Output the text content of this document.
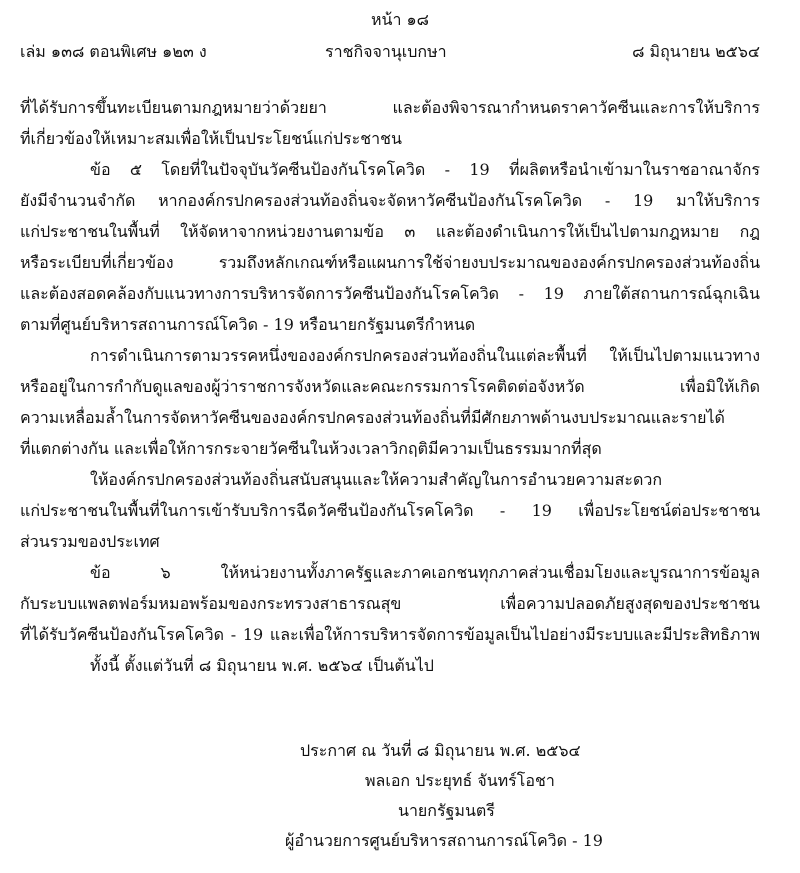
หน้า ๑๘
เล่ม ๑๓๘ ตอนพิเศษ ๑๒๓ ง	ราชกิจจานุเบกษา	๘ มิถุนายน ๒๕๖๔
ที่ได้รับการขึ้นทะเบียนตามกฎหมายว่าด้วยยา และต้องพิจารณากำหนดราคาวัคซีนและการให้บริการ
ที่เกี่ยวข้องให้เหมาะสมเพื่อให้เป็นประโยชน์แก่ประชาชน
ข้อ ๕ โดยที่ในปัจจุบันวัคซีนป้องกันโรคโควิด - 19 ที่ผลิตหรือนำเข้ามาในราชอาณาจักร
ยังมีจำนวนจำกัด หากองค์กรปกครองส่วนท้องถิ่นจะจัดหาวัคซีนป้องกันโรคโควิด - 19 มาให้บริการ
แก่ประชาชนในพื้นที่ ให้จัดหาจากหน่วยงานตามข้อ ๓ และต้องดำเนินการให้เป็นไปตามกฎหมาย กฎ
หรือระเบียบที่เกี่ยวข้อง รวมถึงหลักเกณฑ์หรือแผนการใช้จ่ายงบประมาณขององค์กรปกครองส่วนท้องถิ่น
และต้องสอดคล้องกับแนวทางการบริหารจัดการวัคซีนป้องกันโรคโควิด - 19 ภายใต้สถานการณ์ฉุกเฉิน
ตามที่ศูนย์บริหารสถานการณ์โควิด - 19 หรือนายกรัฐมนตรีกำหนด
การดำเนินการตามวรรคหนึ่งขององค์กรปกครองส่วนท้องถิ่นในแต่ละพื้นที่ ให้เป็นไปตามแนวทาง
หรืออยู่ในการกำกับดูแลของผู้ว่าราชการจังหวัดและคณะกรรมการโรคติดต่อจังหวัด เพื่อมิให้เกิด
ความเหลื่อมล้ำในการจัดหาวัคซีนขององค์กรปกครองส่วนท้องถิ่นที่มีศักยภาพด้านงบประมาณและรายได้
ที่แตกต่างกัน และเพื่อให้การกระจายวัคซีนในห้วงเวลาวิกฤติมีความเป็นธรรมมากที่สุด
ให้องค์กรปกครองส่วนท้องถิ่นสนับสนุนและให้ความสำคัญในการอำนวยความสะดวก
แก่ประชาชนในพื้นที่ในการเข้ารับบริการฉีดวัคซีนป้องกันโรคโควิด - 19 เพื่อประโยชน์ต่อประชาชน
ส่วนรวมของประเทศ
ข้อ ๖ ให้หน่วยงานทั้งภาครัฐและภาคเอกชนทุกภาคส่วนเชื่อมโยงและบูรณาการข้อมูล
กับระบบแพลตฟอร์มหมอพร้อมของกระทรวงสาธารณสุข เพื่อความปลอดภัยสูงสุดของประชาชน
ที่ได้รับวัคซีนป้องกันโรคโควิด - 19 และเพื่อให้การบริหารจัดการข้อมูลเป็นไปอย่างมีระบบและมีประสิทธิภาพ
ทั้งนี้ ตั้งแต่วันที่ ๘ มิถุนายน พ.ศ. ๒๕๖๔ เป็นต้นไป
ประกาศ ณ วันที่ ๘ มิถุนายน พ.ศ. ๒๕๖๔
พลเอก ประยุทธ์ จันทร์โอชา
นายกรัฐมนตรี
ผู้อำนวยการศูนย์บริหารสถานการณ์โควิด - 19
